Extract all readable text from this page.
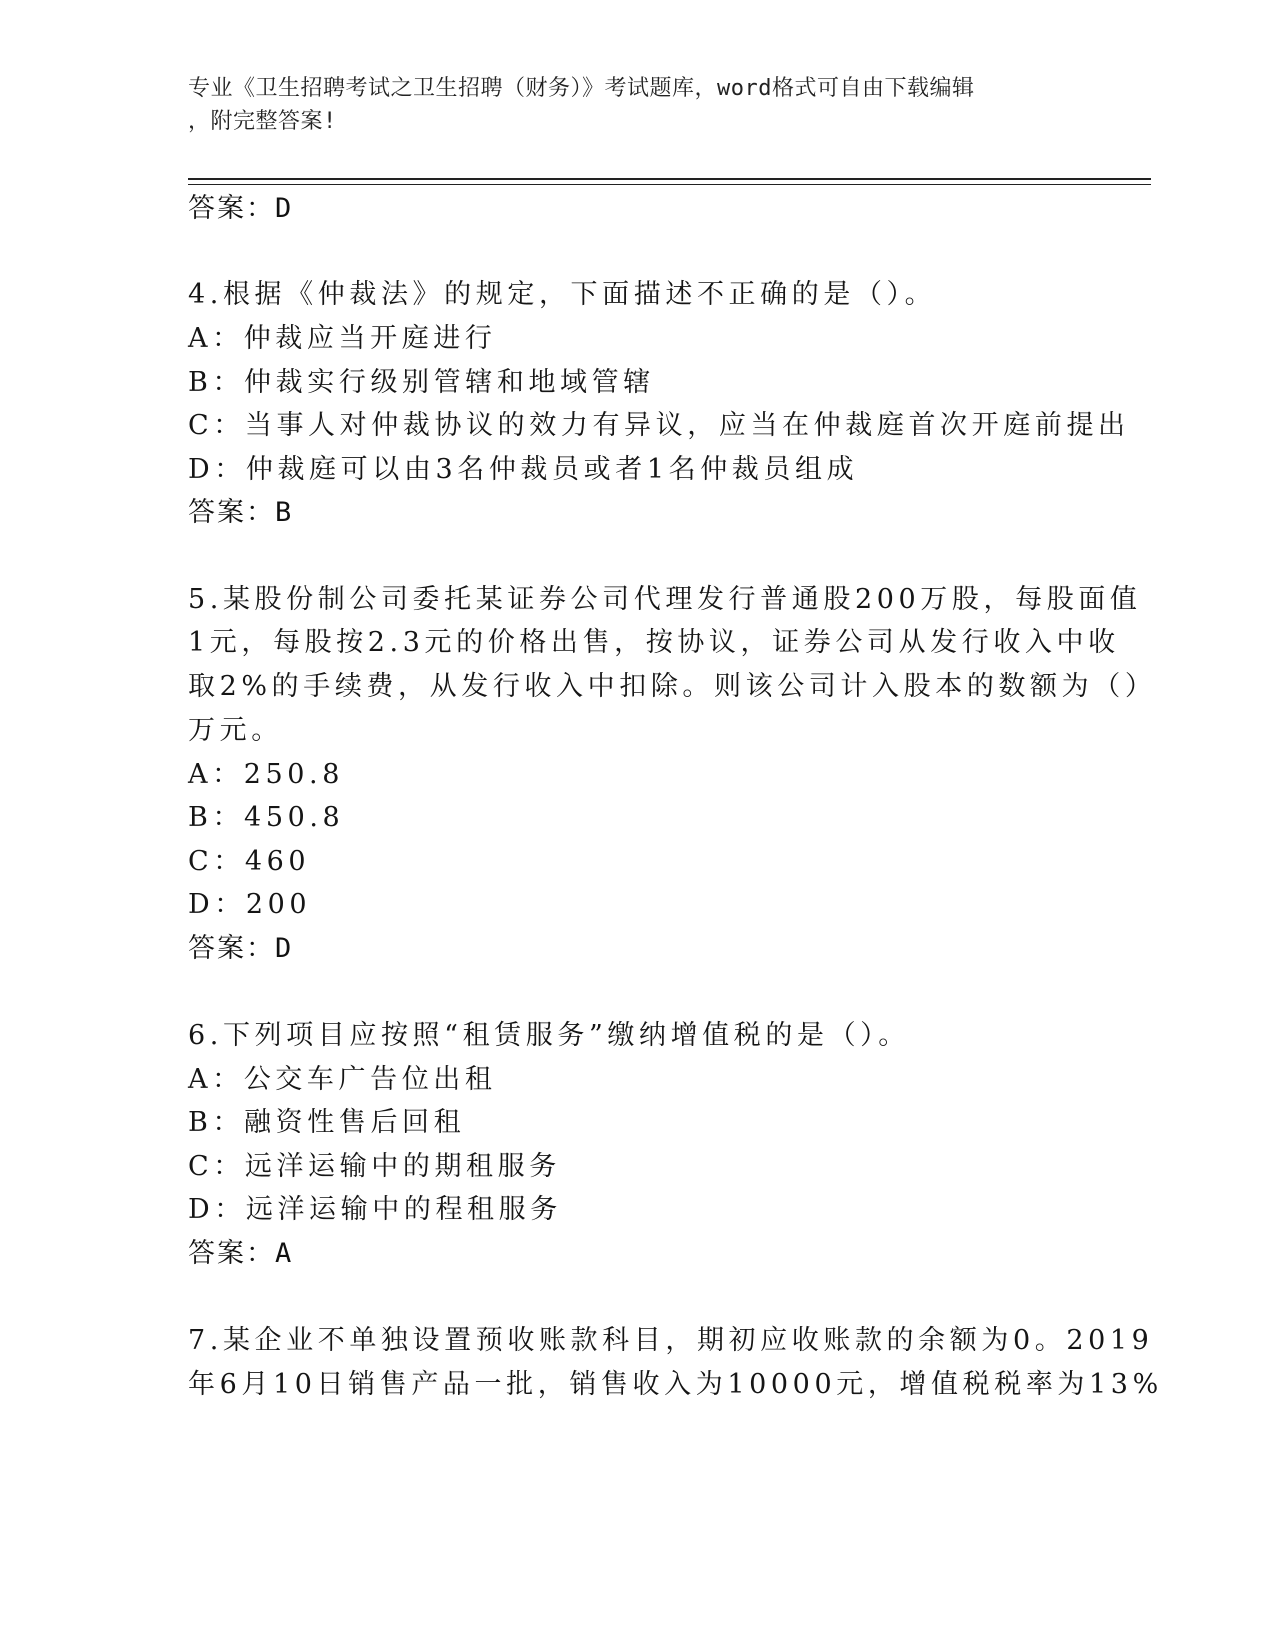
专业《卫生招聘考试之卫生招聘（财务）》考试题库，word格式可自由下载编辑
，附完整答案!
答案：D
4.根据《仲裁法》的规定，下面描述不正确的是（）。
A：仲裁应当开庭进行
B：仲裁实行级别管辖和地域管辖
C：当事人对仲裁协议的效力有异议，应当在仲裁庭首次开庭前提出
D：仲裁庭可以由3名仲裁员或者1名仲裁员组成
答案：B
5.某股份制公司委托某证券公司代理发行普通股200万股，每股面值
1元，每股按2.3元的价格出售，按协议，证券公司从发行收入中收
取2%的手续费，从发行收入中扣除。则该公司计入股本的数额为（）
万元。
A：250.8
B：450.8
C：460
D：200
答案：D
6.下列项目应按照“租赁服务”缴纳增值税的是（）。
A：公交车广告位出租
B：融资性售后回租
C：远洋运输中的期租服务
D：远洋运输中的程租服务
答案：A
7.某企业不单独设置预收账款科目，期初应收账款的余额为0。2019
年6月10日销售产品一批，销售收入为10000元，增值税税率为13%
